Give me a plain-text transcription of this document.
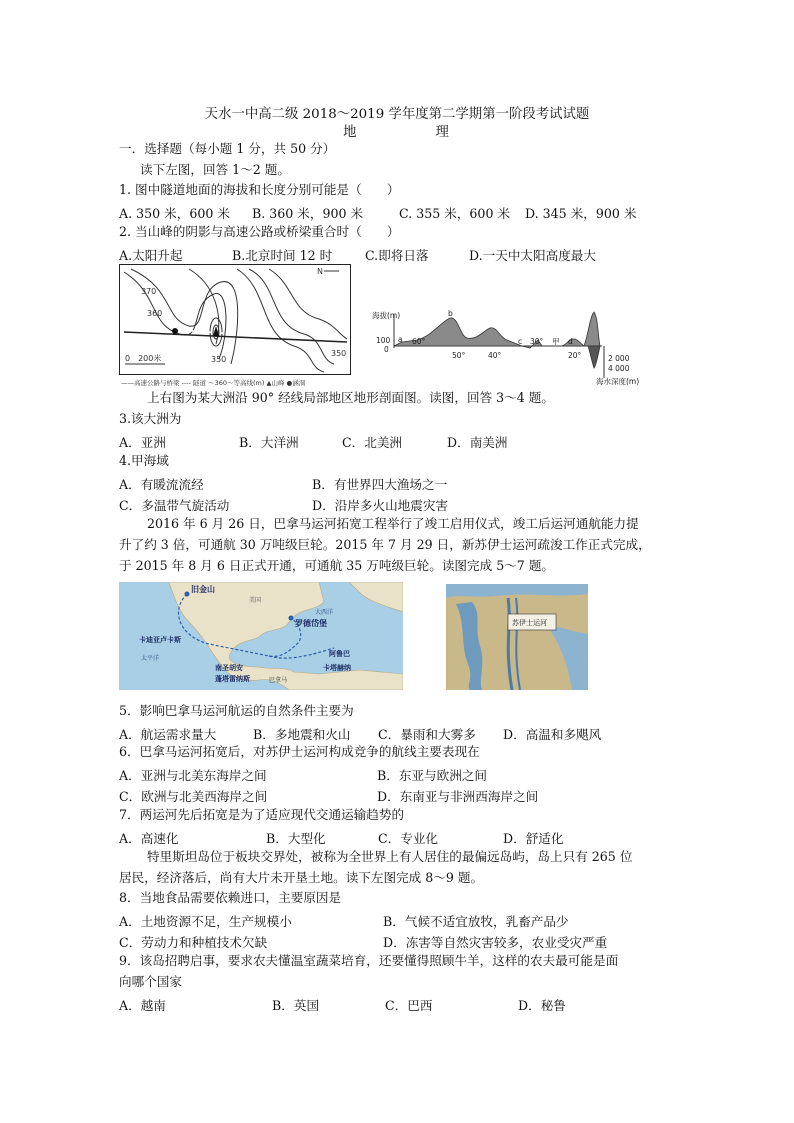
天水一中高二级 2018～2019 学年度第二学期第一阶段考试试题
地　　　　　理
一．选择题（每小题 1 分，共 50 分）
读下左图，回答 1～2 题。
1. 图中隧道地面的海拔和长度分别可能是（　　）
A. 350 米，600 米 B. 360 米，900 米	C. 355 米，600 米 D. 345 米，900 米
2. 当山峰的阴影与高速公路或桥梁重合时（　　）
A.太阳升起	B.北京时间 12 时	C.即将日落	D.一天中太阳高度最大
370
360
350
350
N
0　200米
——高速公路与桥梁 ---- 隧道 ～360～等高线(m) ▲山峰 ●涵洞
海拔(m)
100
0
2 000
4 000
海水深度(m)
a
b
c	d
60°
50°	40°
30°
20°
甲
上右图为某大洲沿 90° 经线局部地区地形剖面图。读图，回答 3～4 题。
3.该大洲为
A．亚洲	B．大洋洲	C．北美洲	D．南美洲
4.甲海域
A．有暖流流经	B．有世界四大渔场之一
C．多温带气旋活动	D．沿岸多火山地震灾害
2016 年 6 月 26 日，巴拿马运河拓宽工程举行了竣工启用仪式，竣工后运河通航能力提
升了约 3 倍，可通航 30 万吨级巨轮。2015 年 7 月 29 日，新苏伊士运河疏浚工作正式完成，
于 2015 年 8 月 6 日正式开通，可通航 35 万吨级巨轮。读图完成 5～7 题。
旧金山
美国
大西洋
罗德岱堡
卡迪亚卢卡斯
太平洋
南圣胡安
阿鲁巴
卡塔赫纳
蓬塔雷纳斯	巴拿马
苏伊士运河
5．影响巴拿马运河航运的自然条件主要为
A．航运需求量大	B．多地震和火山 C．暴雨和大雾多 D．高温和多飓风
6．巴拿马运河拓宽后，对苏伊士运河构成竞争的航线主要表现在
A．亚洲与北美东海岸之间	B．东亚与欧洲之间
C．欧洲与北美西海岸之间	D．东南亚与非洲西海岸之间
7．两运河先后拓宽是为了适应现代交通运输趋势的
A．高速化	B．大型化	C．专业化	D．舒适化
特里斯坦岛位于板块交界处，被称为全世界上有人居住的最偏远岛屿，岛上只有 265 位
居民，经济落后，尚有大片未开垦土地。读下左图完成 8～9 题。
8．当地食品需要依赖进口，主要原因是
A．土地资源不足，生产规模小	B．气候不适宜放牧，乳畜产品少
C．劳动力和种植技术欠缺	D．冻害等自然灾害较多，农业受灾严重
9．该岛招聘启事，要求农夫懂温室蔬菜培育，还要懂得照顾牛羊，这样的农夫最可能是面
向哪个国家
A．越南	B．英国	C．巴西	D．秘鲁
